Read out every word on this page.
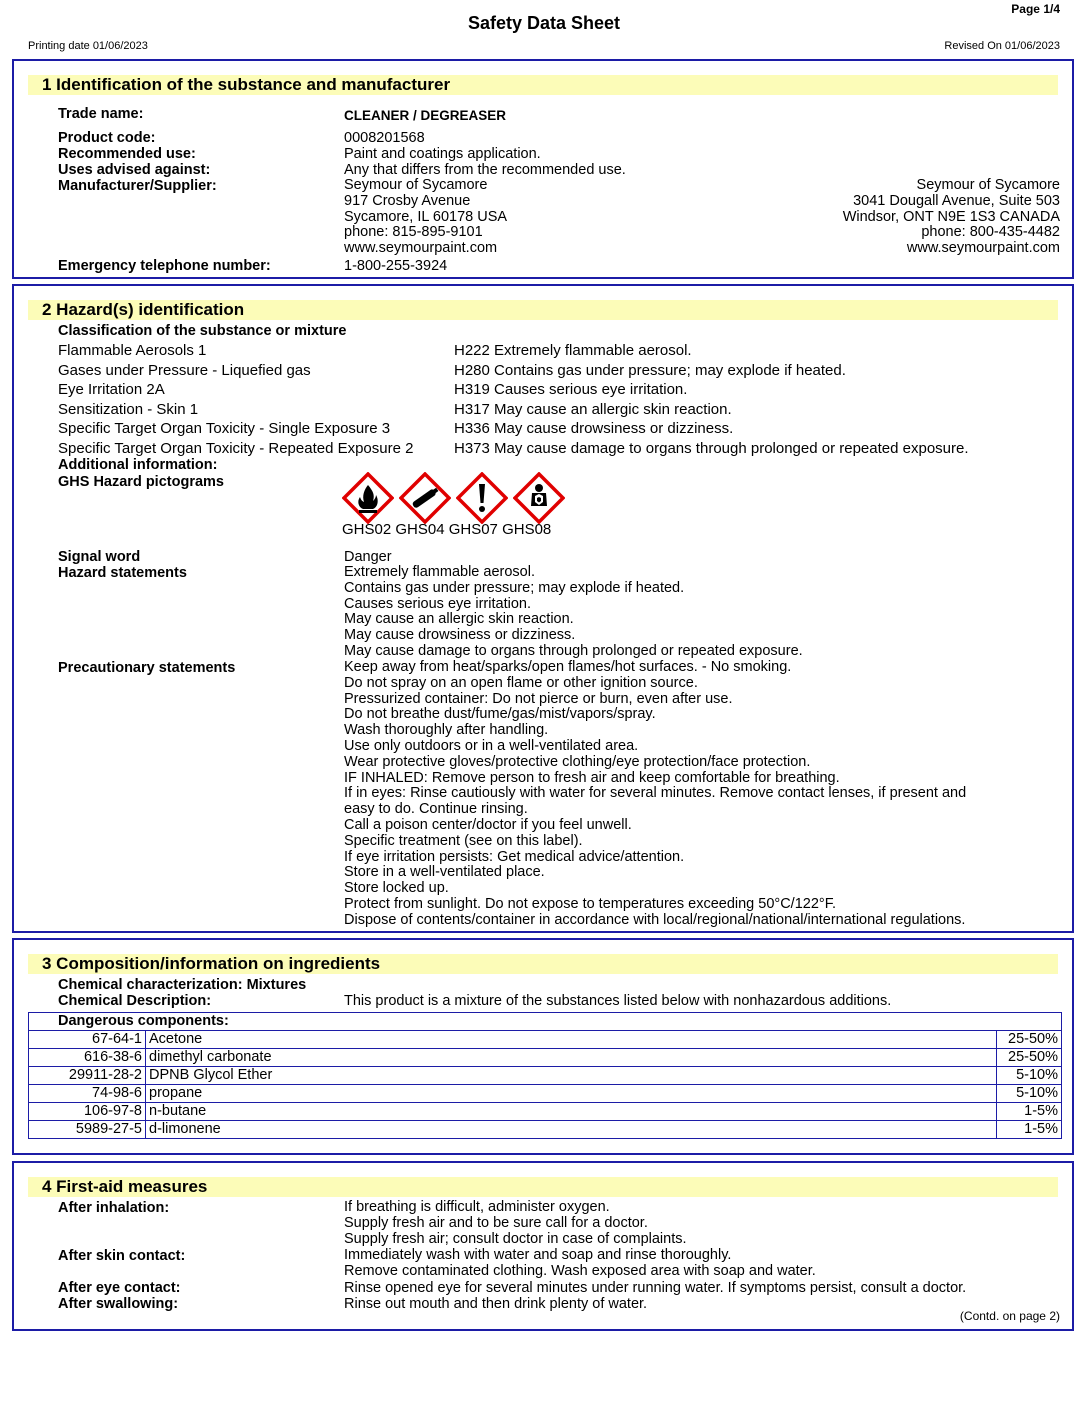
Page 1/4
Safety Data Sheet
Printing date 01/06/2023	Revised On 01/06/2023
1 Identification of the substance and manufacturer
Trade name:	CLEANER / DEGREASER
Product code:	0008201568
Recommended use:	Paint and coatings application.
Uses advised against:	Any that differs from the recommended use.
Manufacturer/Supplier:	Seymour of Sycamore
917 Crosby Avenue
Sycamore, IL 60178 USA
phone: 815-895-9101
www.seymourpaint.com
Seymour of Sycamore
3041 Dougall Avenue, Suite 503
Windsor, ONT N9E 1S3 CANADA
phone: 800-435-4482
www.seymourpaint.com
Emergency telephone number:	1-800-255-3924
2 Hazard(s) identification
Classification of the substance or mixture
Flammable Aerosols 1	H222 Extremely flammable aerosol.
Gases under Pressure - Liquefied gas	H280 Contains gas under pressure; may explode if heated.
Eye Irritation 2A	H319 Causes serious eye irritation.
Sensitization - Skin 1	H317 May cause an allergic skin reaction.
Specific Target Organ Toxicity - Single Exposure 3	H336 May cause drowsiness or dizziness.
Specific Target Organ Toxicity - Repeated Exposure 2	H373 May cause damage to organs through prolonged or repeated exposure.
Additional information:
GHS Hazard pictograms
Signal word	Danger
Hazard statements	Extremely flammable aerosol.
Contains gas under pressure; may explode if heated.
Causes serious eye irritation.
May cause an allergic skin reaction.
May cause drowsiness or dizziness.
May cause damage to organs through prolonged or repeated exposure.
Precautionary statements	Keep away from heat/sparks/open flames/hot surfaces. - No smoking.
Do not spray on an open flame or other ignition source.
Pressurized container: Do not pierce or burn, even after use.
Do not breathe dust/fume/gas/mist/vapors/spray.
Wash thoroughly after handling.
Use only outdoors or in a well-ventilated area.
Wear protective gloves/protective clothing/eye protection/face protection.
IF INHALED: Remove person to fresh air and keep comfortable for breathing.
If in eyes: Rinse cautiously with water for several minutes. Remove contact lenses, if present and
easy to do. Continue rinsing.
Call a poison center/doctor if you feel unwell.
Specific treatment (see on this label).
If eye irritation persists: Get medical advice/attention.
Store in a well-ventilated place.
Store locked up.
Protect from sunlight. Do not expose to temperatures exceeding 50°C/122°F.
Dispose of contents/container in accordance with local/regional/national/international regulations.
GHS02 GHS04 GHS07 GHS08
3 Composition/information on ingredients
Chemical characterization: Mixtures
Chemical Description:	This product is a mixture of the substances listed below with nonhazardous additions.
Dangerous components:		
67-64-1	Acetone	25-50%
616-38-6	dimethyl carbonate	25-50%
29911-28-2	DPNB Glycol Ether	5-10%
74-98-6	propane	5-10%
106-97-8	n-butane	1-5%
5989-27-5	d-limonene	1-5%
4 First-aid measures
After inhalation:	If breathing is difficult, administer oxygen.
Supply fresh air and to be sure call for a doctor.
Supply fresh air; consult doctor in case of complaints.
After skin contact:	Immediately wash with water and soap and rinse thoroughly.
Remove contaminated clothing. Wash exposed area with soap and water.
After eye contact:	Rinse opened eye for several minutes under running water. If symptoms persist, consult a doctor.
After swallowing:	Rinse out mouth and then drink plenty of water.
(Contd. on page 2)
